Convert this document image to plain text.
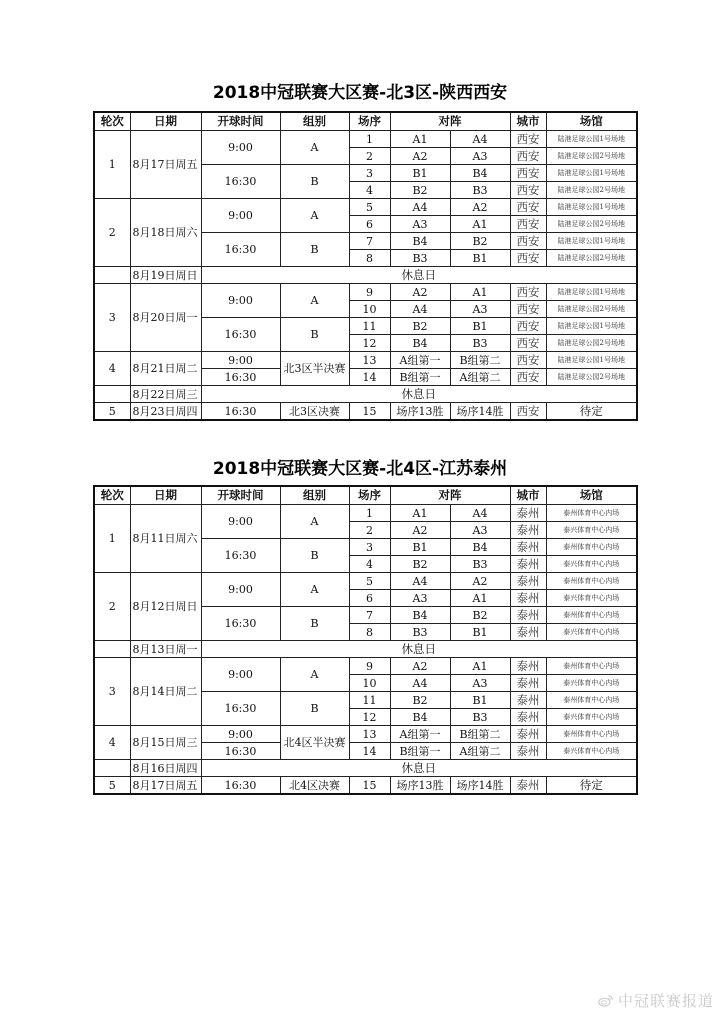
2018中冠联赛大区赛-北3区-陕西西安
轮次	日期	开球时间	组别	场序	对阵		城市	场馆
1	8月17日周五	9:00	A	1	A1	A4	西安	陆港足球公园1号场地
				2	A2	A3	西安	陆港足球公园2号场地
		16:30	B	3	B1	B4	西安	陆港足球公园1号场地
				4	B2	B3	西安	陆港足球公园2号场地
2	8月18日周六	9:00	A	5	A4	A2	西安	陆港足球公园1号场地
				6	A3	A1	西安	陆港足球公园2号场地
		16:30	B	7	B4	B2	西安	陆港足球公园1号场地
				8	B3	B1	西安	陆港足球公园2号场地
	8月19日周日	休息日						
3	8月20日周一	9:00	A	9	A2	A1	西安	陆港足球公园1号场地
				10	A4	A3	西安	陆港足球公园2号场地
		16:30	B	11	B2	B1	西安	陆港足球公园1号场地
				12	B4	B3	西安	陆港足球公园2号场地
4	8月21日周二	9:00	北3区半决赛	13	A组第一	B组第二	西安	陆港足球公园1号场地
		16:30		14	B组第一	A组第二	西安	陆港足球公园2号场地
	8月22日周三	休息日						
5	8月23日周四	16:30	北3区决赛	15	场序13胜	场序14胜	西安	待定
2018中冠联赛大区赛-北4区-江苏泰州
轮次	日期	开球时间	组别	场序	对阵		城市	场馆
1	8月11日周六	9:00	A	1	A1	A4	泰州	泰州体育中心内场
				2	A2	A3	泰州	泰兴体育中心内场
		16:30	B	3	B1	B4	泰州	泰州体育中心内场
				4	B2	B3	泰州	泰兴体育中心内场
2	8月12日周日	9:00	A	5	A4	A2	泰州	泰州体育中心内场
				6	A3	A1	泰州	泰兴体育中心内场
		16:30	B	7	B4	B2	泰州	泰州体育中心内场
				8	B3	B1	泰州	泰兴体育中心内场
	8月13日周一	休息日						
3	8月14日周二	9:00	A	9	A2	A1	泰州	泰州体育中心内场
				10	A4	A3	泰州	泰兴体育中心内场
		16:30	B	11	B2	B1	泰州	泰州体育中心内场
				12	B4	B3	泰州	泰兴体育中心内场
4	8月15日周三	9:00	北4区半决赛	13	A组第一	B组第二	泰州	泰州体育中心内场
		16:30		14	B组第一	A组第二	泰州	泰兴体育中心内场
	8月16日周四	休息日						
5	8月17日周五	16:30	北4区决赛	15	场序13胜	场序14胜	泰州	待定
中冠联赛报道
